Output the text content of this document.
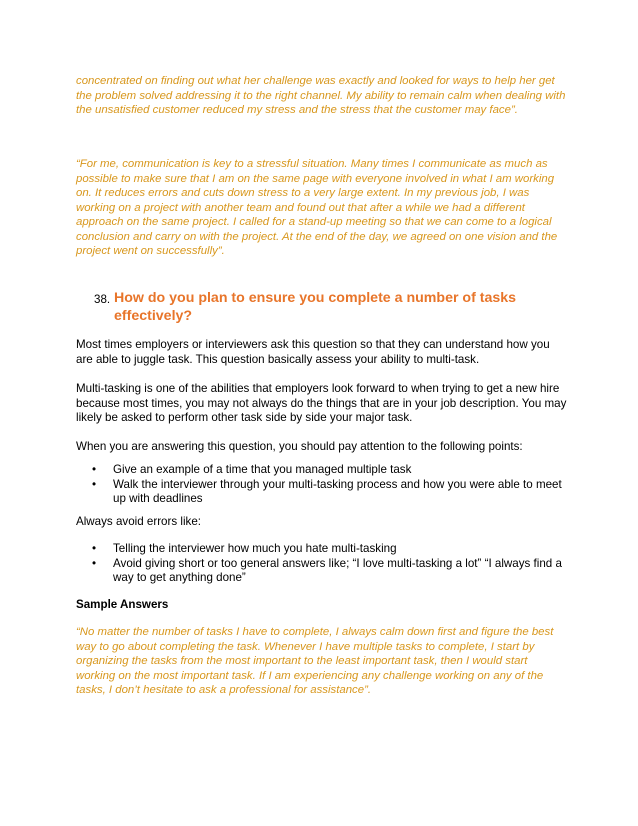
concentrated on finding out what her challenge was exactly and looked for ways to help her get the problem solved addressing it to the right channel. My ability to remain calm when dealing with the unsatisfied customer reduced my stress and the stress that the customer may face”.

“For me, communication is key to a stressful situation. Many times I communicate as much as possible to make sure that I am on the same page with everyone involved in what I am working on. It reduces errors and cuts down stress to a very large extent. In my previous job, I was working on a project with another team and found out that after a while we had a different approach on the same project. I called for a stand-up meeting so that we can come to a logical conclusion and carry on with the project. At the end of the day, we agreed on one vision and the project went on successfully”.

38. How do you plan to ensure you complete a number of tasks effectively?

Most times employers or interviewers ask this question so that they can understand how you are able to juggle task. This question basically assess your ability to multi-task.

Multi-tasking is one of the abilities that employers look forward to when trying to get a new hire because most times, you may not always do the things that are in your job description. You may likely be asked to perform other task side by side your major task.

When you are answering this question, you should pay attention to the following points:

• Give an example of a time that you managed multiple task
• Walk the interviewer through your multi-tasking process and how you were able to meet up with deadlines

Always avoid errors like:

• Telling the interviewer how much you hate multi-tasking
• Avoid giving short or too general answers like; “I love multi-tasking a lot” “I always find a way to get anything done”

Sample Answers

“No matter the number of tasks I have to complete, I always calm down first and figure the best way to go about completing the task. Whenever I have multiple tasks to complete, I start by organizing the tasks from the most important to the least important task, then I would start working on the most important task. If I am experiencing any challenge working on any of the tasks, I don’t hesitate to ask a professional for assistance”.
